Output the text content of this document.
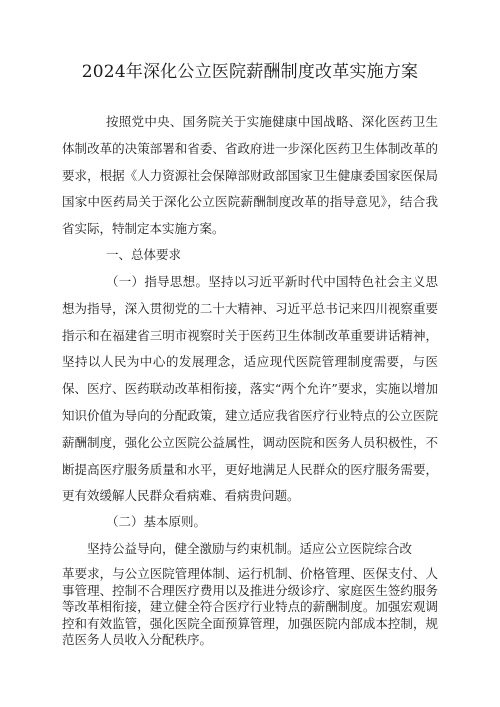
2024年深化公立医院薪酬制度改革实施方案

按照党中央、国务院关于实施健康中国战略、深化医药卫生体制改革的决策部署和省委、省政府进一步深化医药卫生体制改革的要求，根据《人力资源社会保障部财政部国家卫生健康委国家医保局国家中医药局关于深化公立医院薪酬制度改革的指导意见》，结合我省实际，特制定本实施方案。

一、总体要求

（一）指导思想。坚持以习近平新时代中国特色社会主义思想为指导，深入贯彻党的二十大精神、习近平总书记来四川视察重要指示和在福建省三明市视察时关于医药卫生体制改革重要讲话精神，坚持以人民为中心的发展理念，适应现代医院管理制度需要，与医保、医疗、医药联动改革相衔接，落实“两个允许”要求，实施以增加知识价值为导向的分配政策，建立适应我省医疗行业特点的公立医院薪酬制度，强化公立医院公益属性，调动医院和医务人员积极性，不断提高医疗服务质量和水平，更好地满足人民群众的医疗服务需要，更有效缓解人民群众看病难、看病贵问题。

（二）基本原则。

坚持公益导向，健全激励与约束机制。适应公立医院综合改

革要求，与公立医院管理体制、运行机制、价格管理、医保支付、人事管理、控制不合理医疗费用以及推进分级诊疗、家庭医生签约服务等改革相衔接，建立健全符合医疗行业特点的薪酬制度。加强宏观调控和有效监管，强化医院全面预算管理，加强医院内部成本控制，规范医务人员收入分配秩序。
